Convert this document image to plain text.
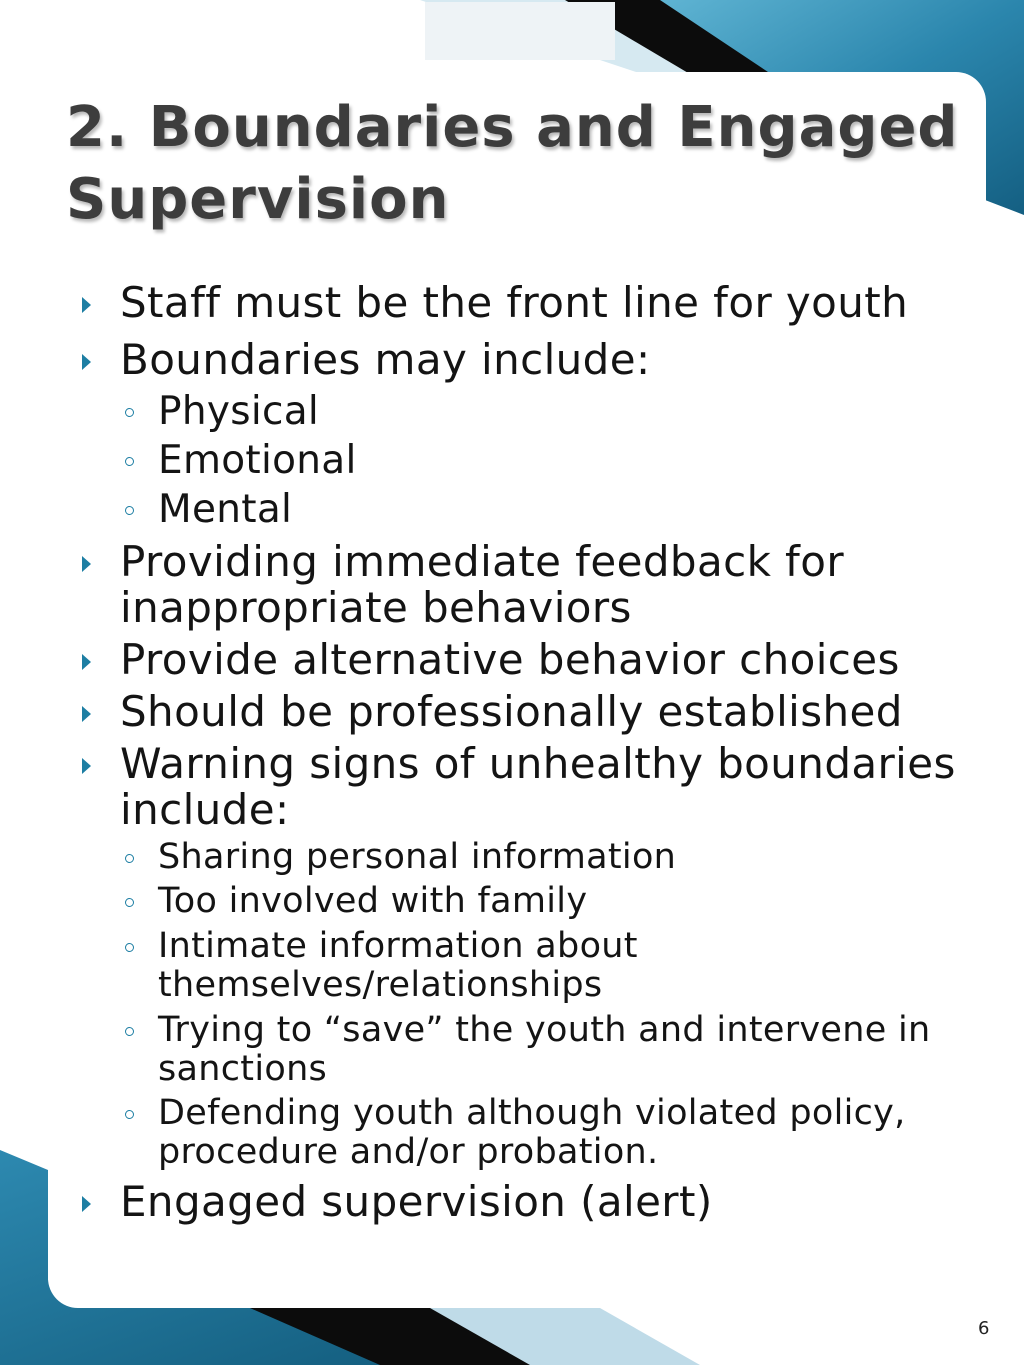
2. Boundaries and Engaged
Supervision
Staff must be the front line for youth
Boundaries may include:
Physical
Emotional
Mental
Providing immediate feedback for
inappropriate behaviors
Provide alternative behavior choices
Should be professionally established
Warning signs of unhealthy boundaries
include:
Sharing personal information
Too involved with family
Intimate information about
themselves/relationships
Trying to “save” the youth and intervene in
sanctions
Defending youth although violated policy,
procedure and/or probation.
Engaged supervision (alert)
6
